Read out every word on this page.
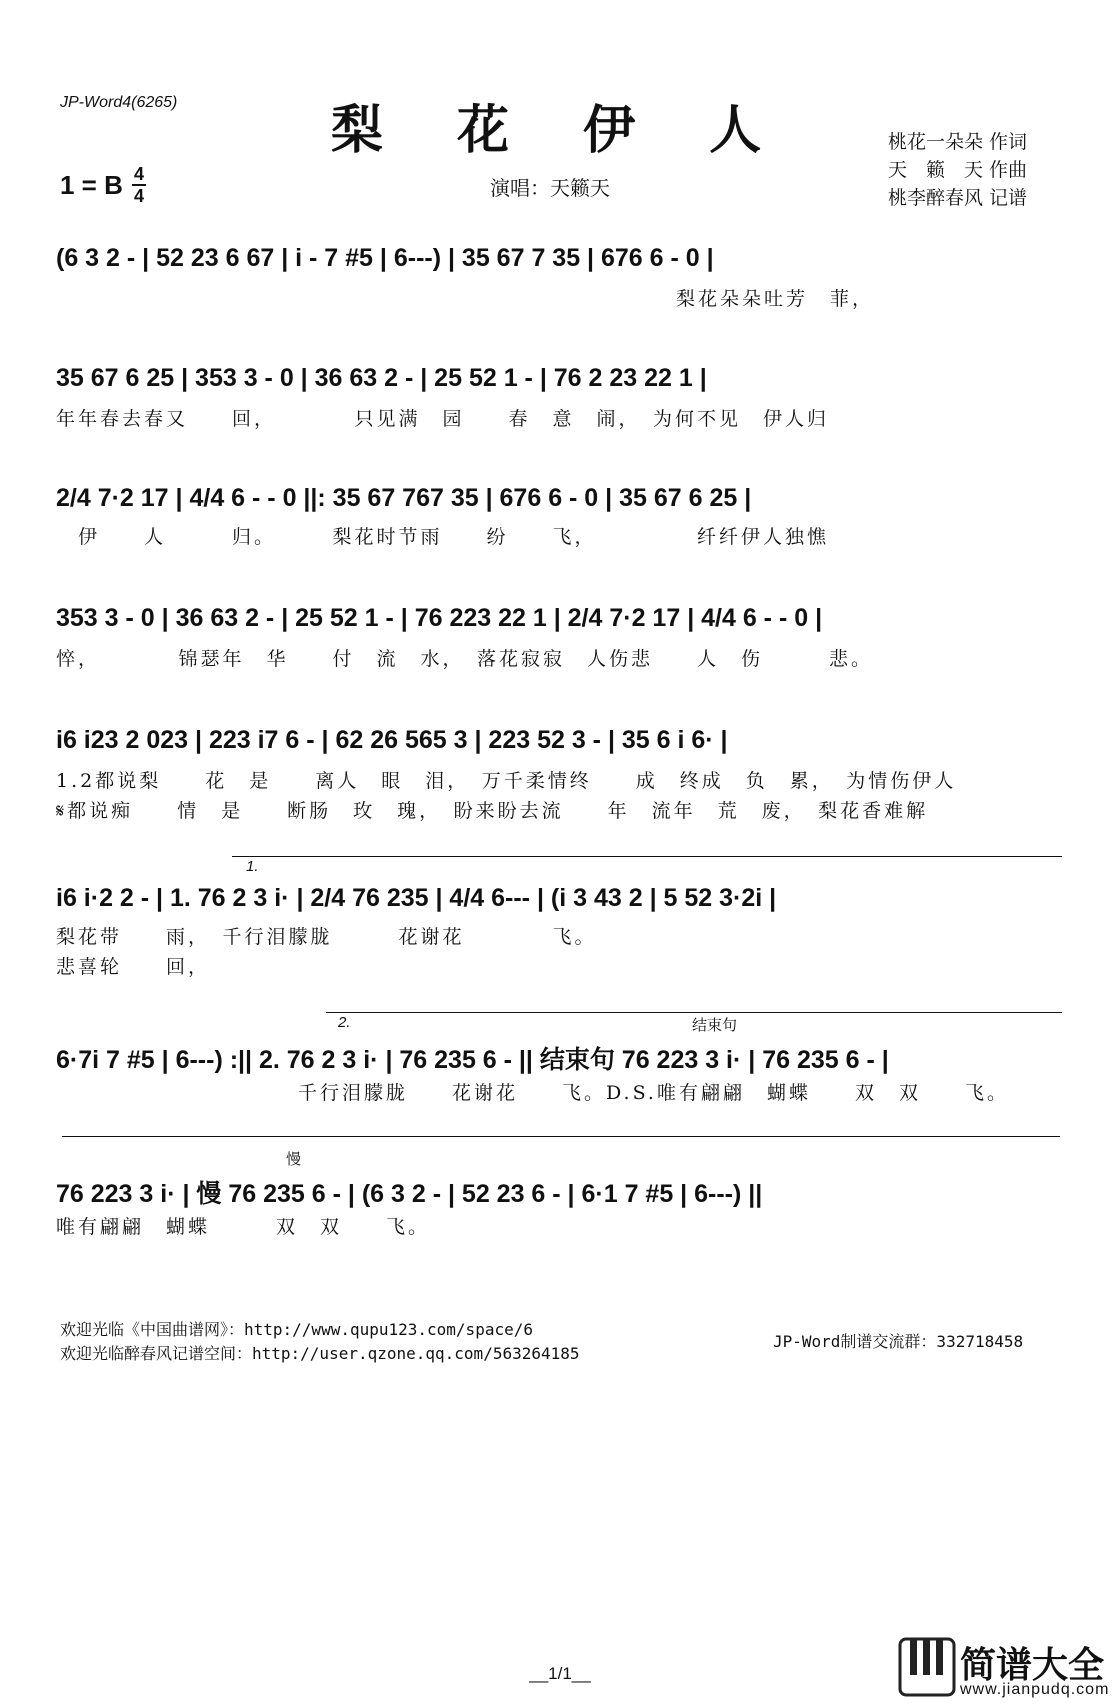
JP-Word4(6265)	梨 花 伊 人	桃花一朵朵 作词
天　籁　天 作曲
桃李醉春风 记谱
1 = B $\frac{4}{4}$	演唱：天籁天
(6 3 2 - | 52 23 6 67 | i - 7 #5 | 6---) | 35 67 7 35 | 676 6 - 0 |
梨花朵朵吐芳　菲，
35 67 6 25 | 353 3 - 0 | 36 63 2 - | 25 52 1 - | 76 2 23 22 1 |
年年春去春又　　回，　　　　只见满　园　　春　意　闹，　为何不见　伊人归
2/4 7·2 17 | 4/4 6 - - 0 ||: 35 67 767 35 | 676 6 - 0 | 35 67 6 25 |
　伊　　人　　　归。　　　梨花时节雨　　纷　　飞，　　　　　纤纤伊人独憔
353 3 - 0 | 36 63 2 - | 25 52 1 - | 76 223 22 1 | 2/4 7·2 17 | 4/4 6 - - 0 |
悴，　　　　锦瑟年　华　　付　流　水，　落花寂寂　人伤悲　　人　伤　　　悲。
i6 i23 2 023 | 223 i7 6 - | 62 26 565 3 | 223 52 3 - | 35 6 i 6· |
1.2都说梨　　花　是　　离人　眼　泪，　万千柔情终　　成　终成　负　累，　为情伤伊人
𝄋都说痴　　情　是　　断肠　玫　瑰，　盼来盼去流　　年　流年　荒　废，　梨花香难解
1.
i6 i·2 2 - | 1. 76 2 3 i· | 2/4 76 235 | 4/4 6--- | (i 3 43 2 | 5 52 3·2i |
梨花带　　雨，　千行泪朦胧　　　花谢花　　　　飞。
悲喜轮　　回，
2.	结束句
6·7i 7 #5 | 6---) :|| 2. 76 2 3 i· | 76 235 6 - || 结束句 76 223 3 i· | 76 235 6 - |
　　　　　　　　　　　千行泪朦胧　　花谢花　　飞。D.S.唯有翩翩　蝴蝶　　双　双　　飞。
慢
76 223 3 i· | 慢 76 235 6 - | (6 3 2 - | 52 23 6 - | 6·1 7 #5 | 6---) ||
唯有翩翩　蝴蝶　　　双　双　　飞。
欢迎光临《中国曲谱网》：http://www.qupu123.com/space/6
欢迎光临醉春风记谱空间：http://user.qzone.qq.com/563264185
JP-Word制谱交流群：332718458
__1/1__	简谱大全
www.jianpudq.com
